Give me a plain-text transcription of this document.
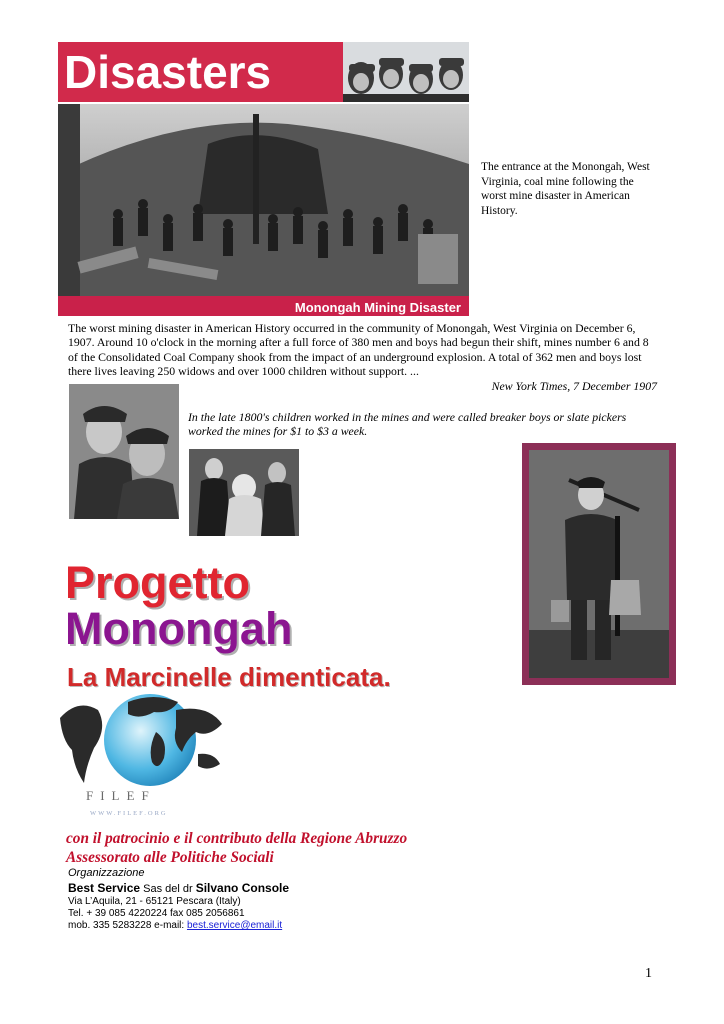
Disasters
Monongah Mining Disaster
The entrance at the Monongah, West Virginia, coal mine following the worst mine disaster in American History.
The worst mining disaster in American History occurred in the community of Monongah, West Virginia on December 6, 1907. Around 10 o'clock in the morning after a full force of 380 men and boys had begun their shift, mines number 6 and 8 of the Consolidated Coal Company shook from the impact of an underground explosion. A total of 362 men and boys lost there lives leaving 250 widows and over 1000 children without support. ...
New York Times, 7 December 1907
In the late 1800's children worked in the mines and were called breaker boys or slate pickers worked the mines for $1 to $3 a week.
Progetto
Monongah
La Marcinelle dimenticata.
FILEF
WWW.FILEF.ORG
con il patrocinio e il contributo della Regione Abruzzo
Assessorato alle Politiche Sociali
Organizzazione
Best Service Sas del dr Silvano Console
Via L’Aquila, 21 - 65121 Pescara (Italy)
Tel. + 39 085 4220224 fax 085 2056861
mob. 335 5283228 e-mail: best.service@email.it
1
